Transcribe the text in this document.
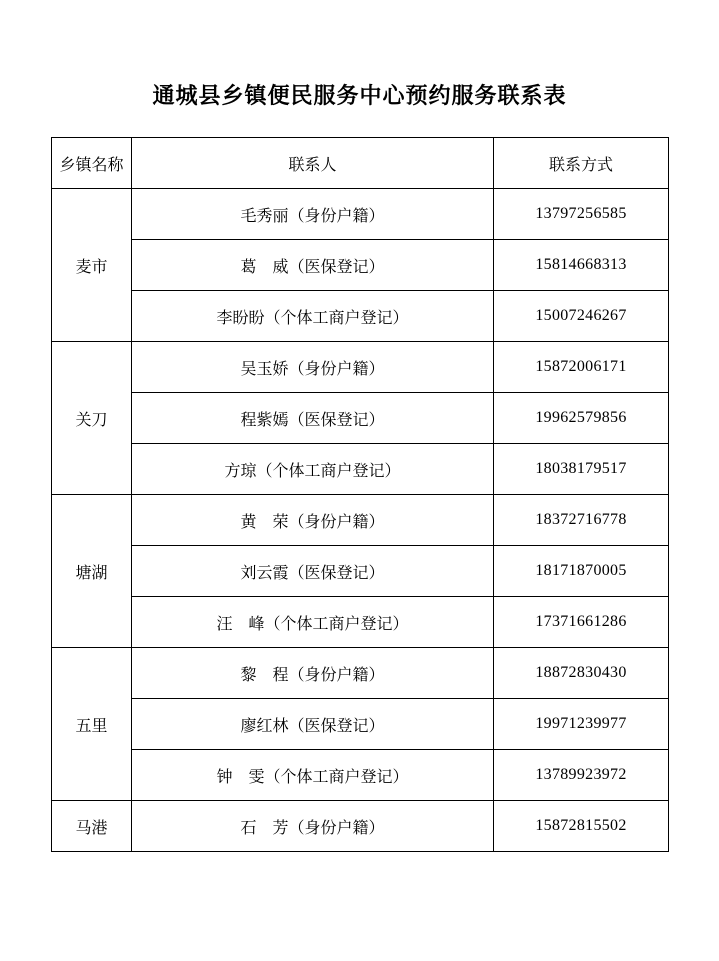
通城县乡镇便民服务中心预约服务联系表
乡镇名称	联系人	联系方式
麦市	毛秀丽（身份户籍）	13797256585
	葛　威（医保登记）	15814668313
	李盼盼（个体工商户登记）	15007246267
关刀	吴玉娇（身份户籍）	15872006171
	程紫嫣（医保登记）	19962579856
	方琼（个体工商户登记）	18038179517
塘湖	黄　荣（身份户籍）	18372716778
	刘云霞（医保登记）	18171870005
	汪　峰（个体工商户登记）	17371661286
五里	黎　程（身份户籍）	18872830430
	廖红林（医保登记）	19971239977
	钟　雯（个体工商户登记）	13789923972
马港	石　芳（身份户籍）	15872815502
